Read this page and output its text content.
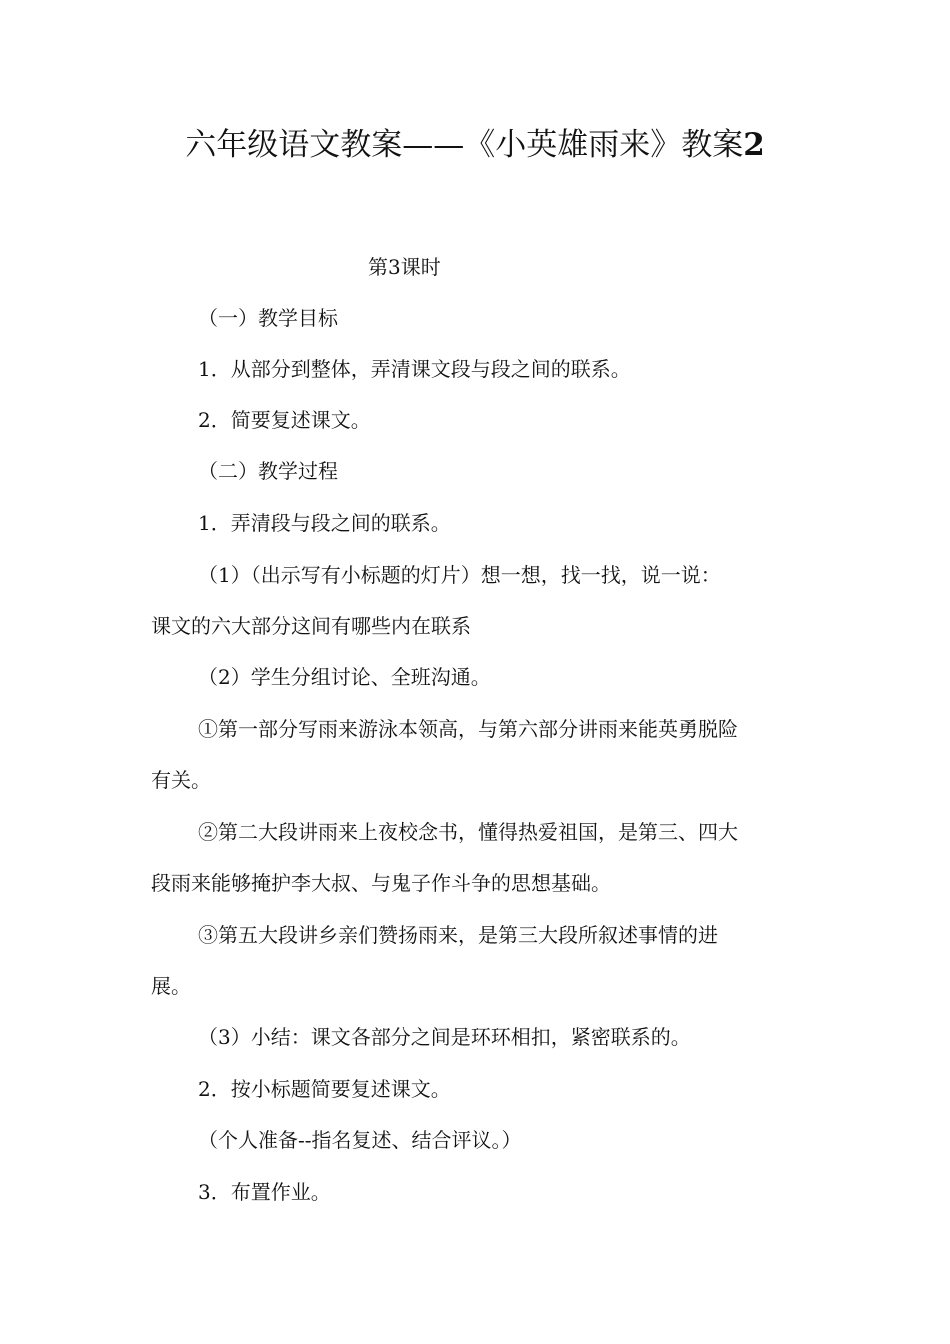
六年级语文教案——《小英雄雨来》教案2
第3课时
（一）教学目标
1．从部分到整体，弄清课文段与段之间的联系。
2．简要复述课文。
（二）教学过程
1．弄清段与段之间的联系。
（1）（出示写有小标题的灯片）想一想，找一找，说一说：
课文的六大部分这间有哪些内在联系
（2）学生分组讨论、全班沟通。
①第一部分写雨来游泳本领高，与第六部分讲雨来能英勇脱险
有关。
②第二大段讲雨来上夜校念书，懂得热爱祖国，是第三、四大
段雨来能够掩护李大叔、与鬼子作斗争的思想基础。
③第五大段讲乡亲们赞扬雨来，是第三大段所叙述事情的进
展。
（3）小结：课文各部分之间是环环相扣，紧密联系的。
2．按小标题简要复述课文。
（个人准备--指名复述、结合评议。）
3．布置作业。
